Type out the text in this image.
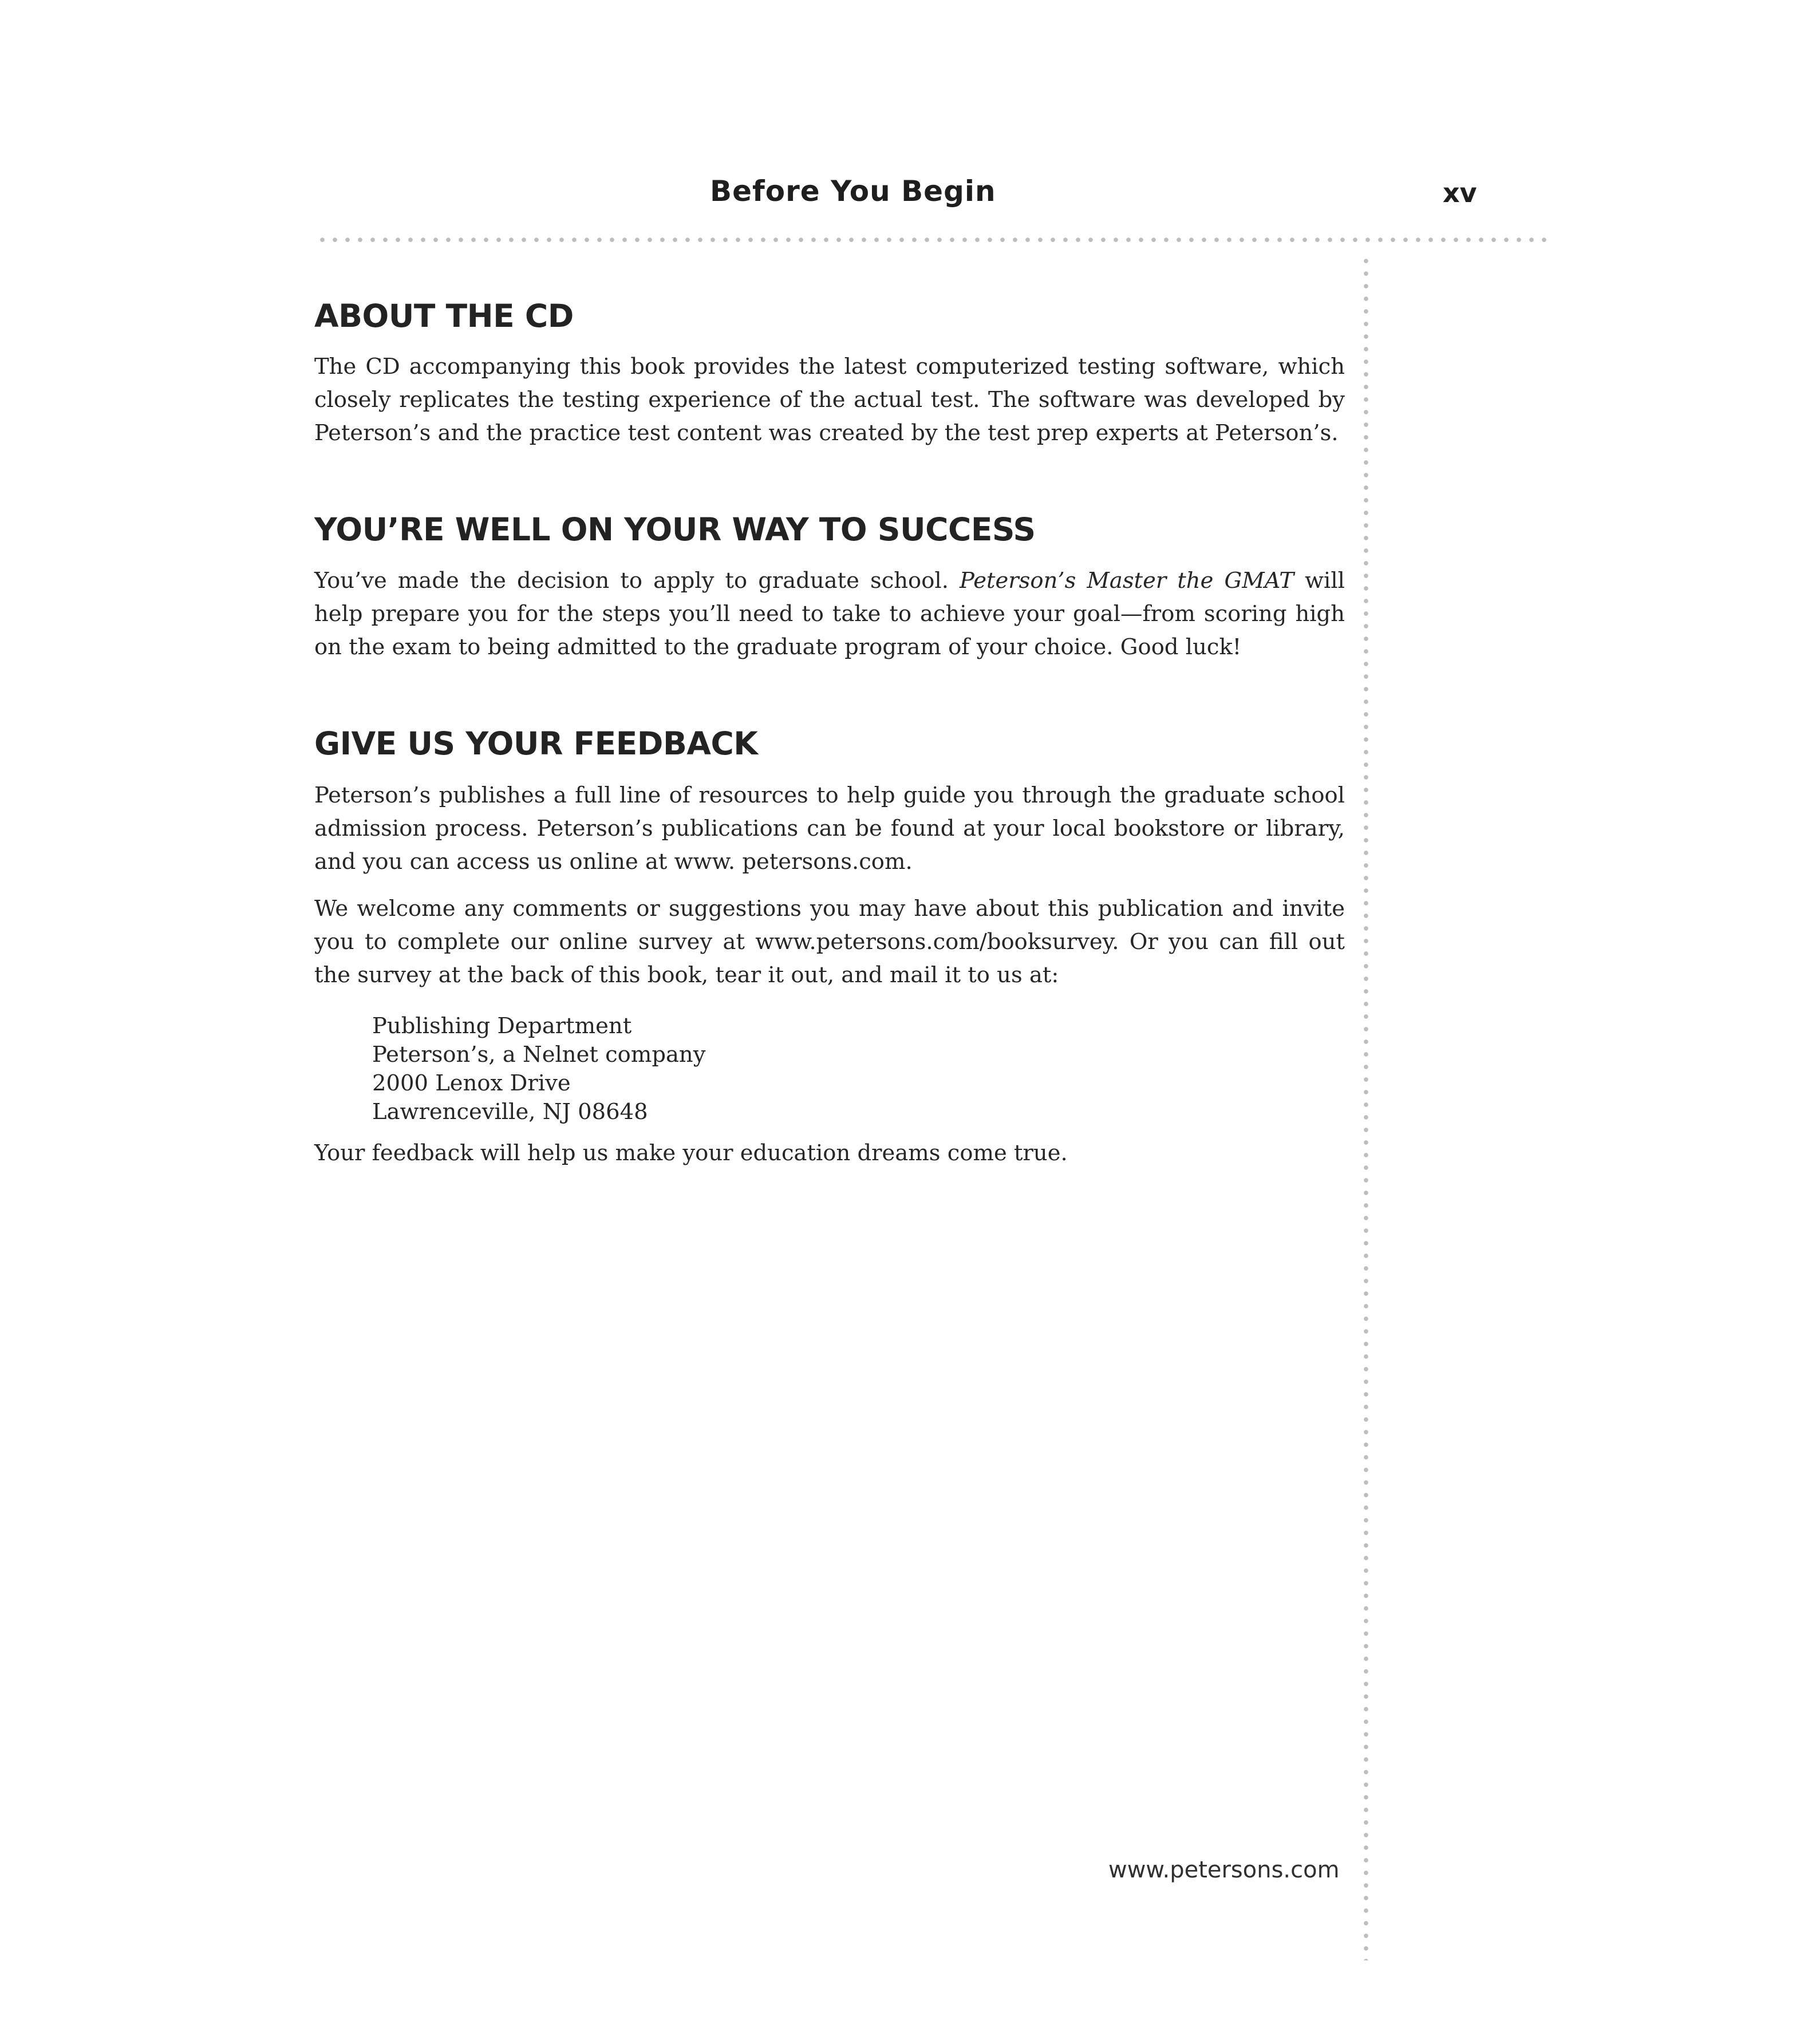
Before You Begin	xv
ABOUT THE CD

The CD accompanying this book provides the latest computerized testing software, which closely replicates the testing experience of the actual test. The software was developed by Peterson’s and the practice test content was created by the test prep experts at Peterson’s.

YOU’RE WELL ON YOUR WAY TO SUCCESS

You’ve made the decision to apply to graduate school. Peterson’s Master the GMAT will help prepare you for the steps you’ll need to take to achieve your goal—from scoring high on the exam to being admitted to the graduate program of your choice. Good luck!

GIVE US YOUR FEEDBACK

Peterson’s publishes a full line of resources to help guide you through the graduate school admission process. Peterson’s publications can be found at your local bookstore or library, and you can access us online at www. petersons.com.

We welcome any comments or suggestions you may have about this publication and invite you to complete our online survey at www.petersons.com/booksurvey. Or you can fill out the survey at the back of this book, tear it out, and mail it to us at:

Publishing Department
Peterson’s, a Nelnet company
2000 Lenox Drive
Lawrenceville, NJ 08648

Your feedback will help us make your education dreams come true.

www.petersons.com
